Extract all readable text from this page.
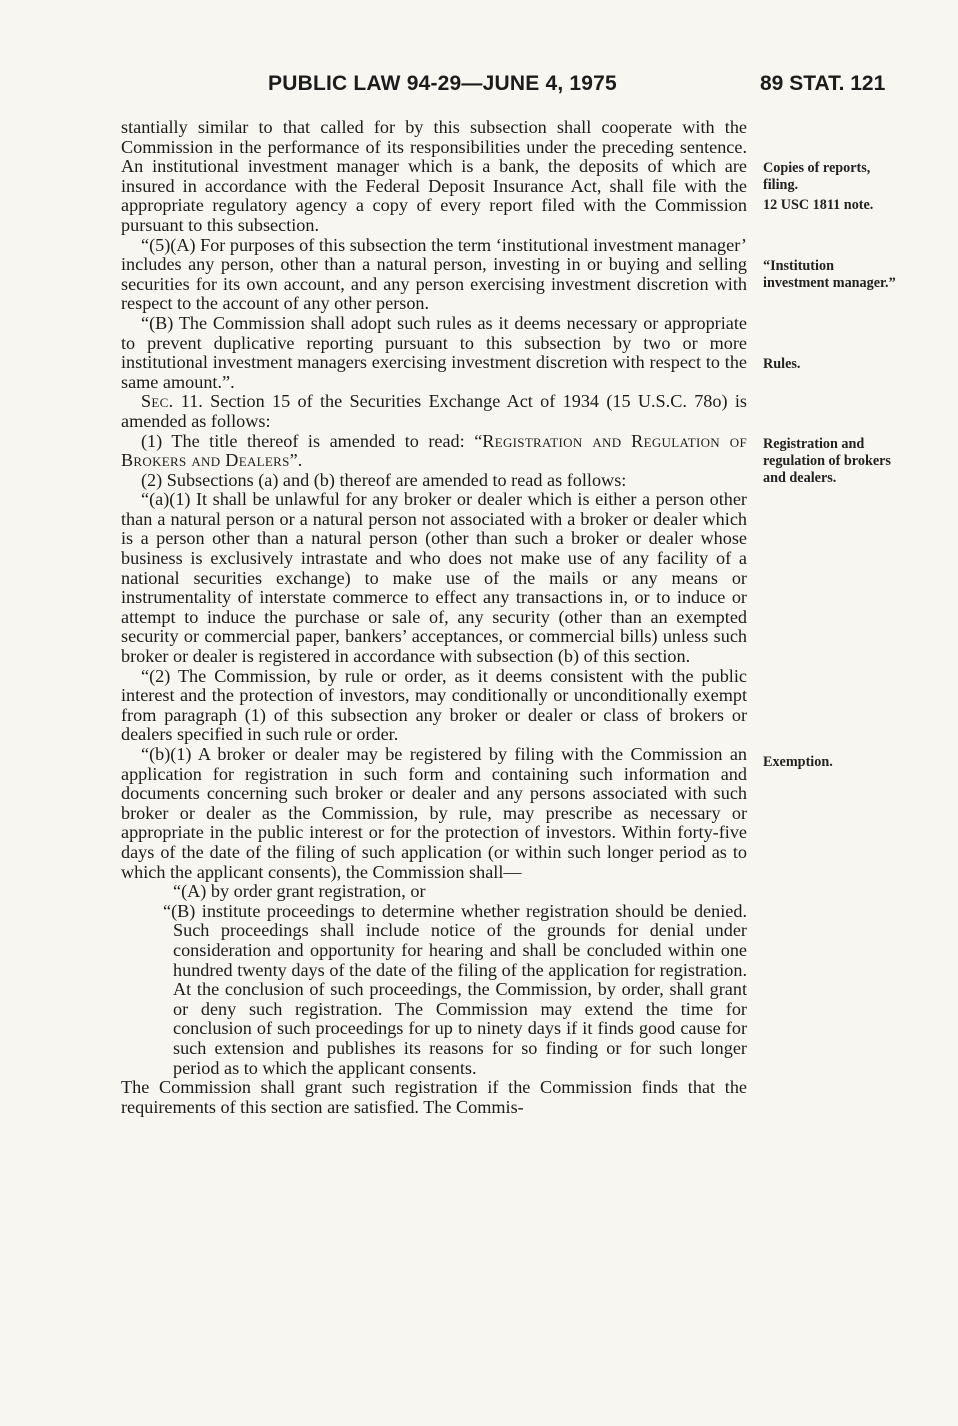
PUBLIC LAW 94-29—JUNE 4, 1975	89 STAT. 121

stantially similar to that called for by this subsection shall cooperate with the Commission in the performance of its responsibilities under the preceding sentence. An institutional investment manager which is a bank, the deposits of which are insured in accordance with the Federal Deposit Insurance Act, shall file with the appropriate regulatory agency a copy of every report filed with the Commission pursuant to this subsection.

“(5)(A) For purposes of this subsection the term ‘institutional investment manager’ includes any person, other than a natural person, investing in or buying and selling securities for its own account, and any person exercising investment discretion with respect to the account of any other person.

“(B) The Commission shall adopt such rules as it deems necessary or appropriate to prevent duplicative reporting pursuant to this subsection by two or more institutional investment managers exercising investment discretion with respect to the same amount.”.

Sec. 11. Section 15 of the Securities Exchange Act of 1934 (15 U.S.C. 78o) is amended as follows:

(1) The title thereof is amended to read: “Registration and Regulation of Brokers and Dealers”.

(2) Subsections (a) and (b) thereof are amended to read as follows:

“(a)(1) It shall be unlawful for any broker or dealer which is either a person other than a natural person or a natural person not associated with a broker or dealer which is a person other than a natural person (other than such a broker or dealer whose business is exclusively intrastate and who does not make use of any facility of a national securities exchange) to make use of the mails or any means or instrumentality of interstate commerce to effect any transactions in, or to induce or attempt to induce the purchase or sale of, any security (other than an exempted security or commercial paper, bankers’ acceptances, or commercial bills) unless such broker or dealer is registered in accordance with subsection (b) of this section.

“(2) The Commission, by rule or order, as it deems consistent with the public interest and the protection of investors, may conditionally or unconditionally exempt from paragraph (1) of this subsection any broker or dealer or class of brokers or dealers specified in such rule or order.

“(b)(1) A broker or dealer may be registered by filing with the Commission an application for registration in such form and containing such information and documents concerning such broker or dealer and any persons associated with such broker or dealer as the Commission, by rule, may prescribe as necessary or appropriate in the public interest or for the protection of investors. Within forty-five days of the date of the filing of such application (or within such longer period as to which the applicant consents), the Commission shall—

“(A) by order grant registration, or

“(B) institute proceedings to determine whether registration should be denied. Such proceedings shall include notice of the grounds for denial under consideration and opportunity for hearing and shall be concluded within one hundred twenty days of the date of the filing of the application for registration. At the conclusion of such proceedings, the Commission, by order, shall grant or deny such registration. The Commission may extend the time for conclusion of such proceedings for up to ninety days if it finds good cause for such extension and publishes its reasons for so finding or for such longer period as to which the applicant consents.

The Commission shall grant such registration if the Commission finds that the requirements of this section are satisfied. The Commis-

Copies of reports, filing.
12 USC 1811 note.
“Institution investment manager.”
Rules.
Registration and regulation of brokers and dealers.
Exemption.
